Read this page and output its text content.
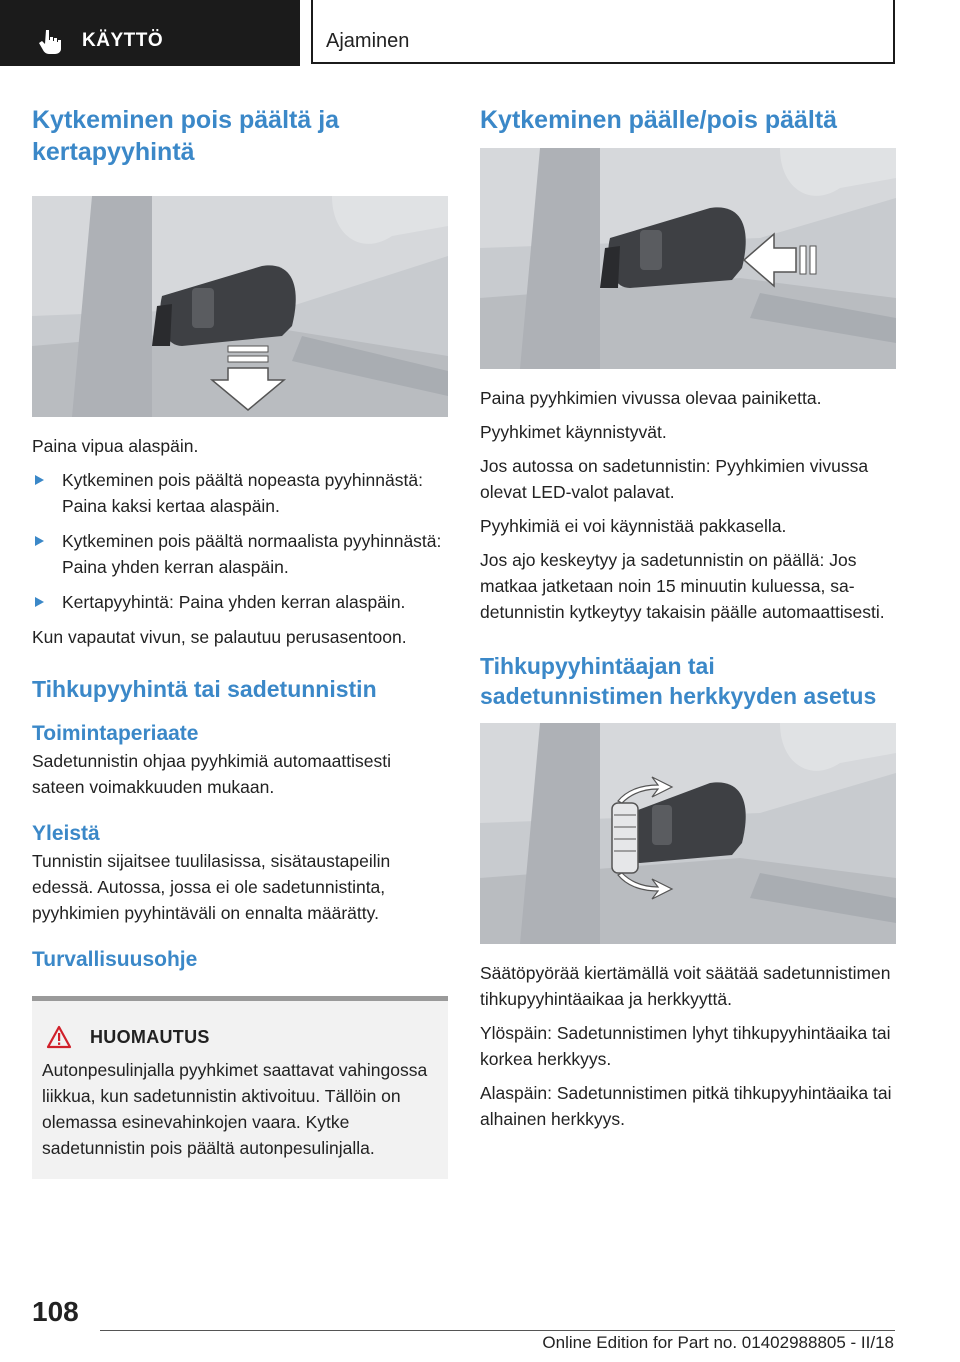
KÄYTTÖ	Ajaminen
Kytkeminen pois päältä ja kertapyyhintä

Paina vipua alaspäin.

Kytkeminen pois päältä nopeasta pyyhinnästä: Paina kaksi kertaa alaspäin.
Kytkeminen pois päältä normaalista pyyhinnästä: Paina yhden kerran alaspäin.
Kertapyyhintä: Paina yhden kerran alaspäin.

Kun vapautat vivun, se palautuu perusasentoon.

Tihkupyyhintä tai sadetunnistin
Toimintaperiaate

Sadetunnistin ohjaa pyyhkimiä automaattisesti sateen voimakkuuden mukaan.

Yleistä

Tunnistin sijaitsee tuulilasissa, sisätaustapeilin edessä. Autossa, jossa ei ole sadetunnistinta, pyyhkimien pyyhintäväli on ennalta määrätty.

Turvallisuusohje
HUOMAUTUS

Autonpesulinjalla pyyhkimet saattavat vahingossa liikkua, kun sadetunnistin aktivoituu. Tällöin on olemassa esinevahinkojen vaara. Kytke sadetunnistin pois päältä autonpesulinjalla.

Kytkeminen päälle/pois päältä

Paina pyyhkimien vivussa olevaa painiketta.

Pyyhkimet käynnistyvät.

Jos autossa on sadetunnistin: Pyyhkimien vivussa olevat LED-valot palavat.

Pyyhkimiä ei voi käynnistää pakkasella.

Jos ajo keskeytyy ja sadetunnistin on päällä: Jos matkaa jatketaan noin 15 minuutin kuluessa, sadetunnistin kytkeytyy takaisin päälle automaattisesti.

Tihkupyyhintäajan tai sadetunnistimen herkkyyden asetus

Säätöpyörää kiertämällä voit säätää sadetunnistimen tihkupyyhintäaikaa ja herkkyyttä.

Ylöspäin: Sadetunnistimen lyhyt tihkupyyhintäaika tai korkea herkkyys.

Alaspäin: Sadetunnistimen pitkä tihkupyyhintäaika tai alhainen herkkyys.

108
Online Edition for Part no. 01402988805 - II/18
